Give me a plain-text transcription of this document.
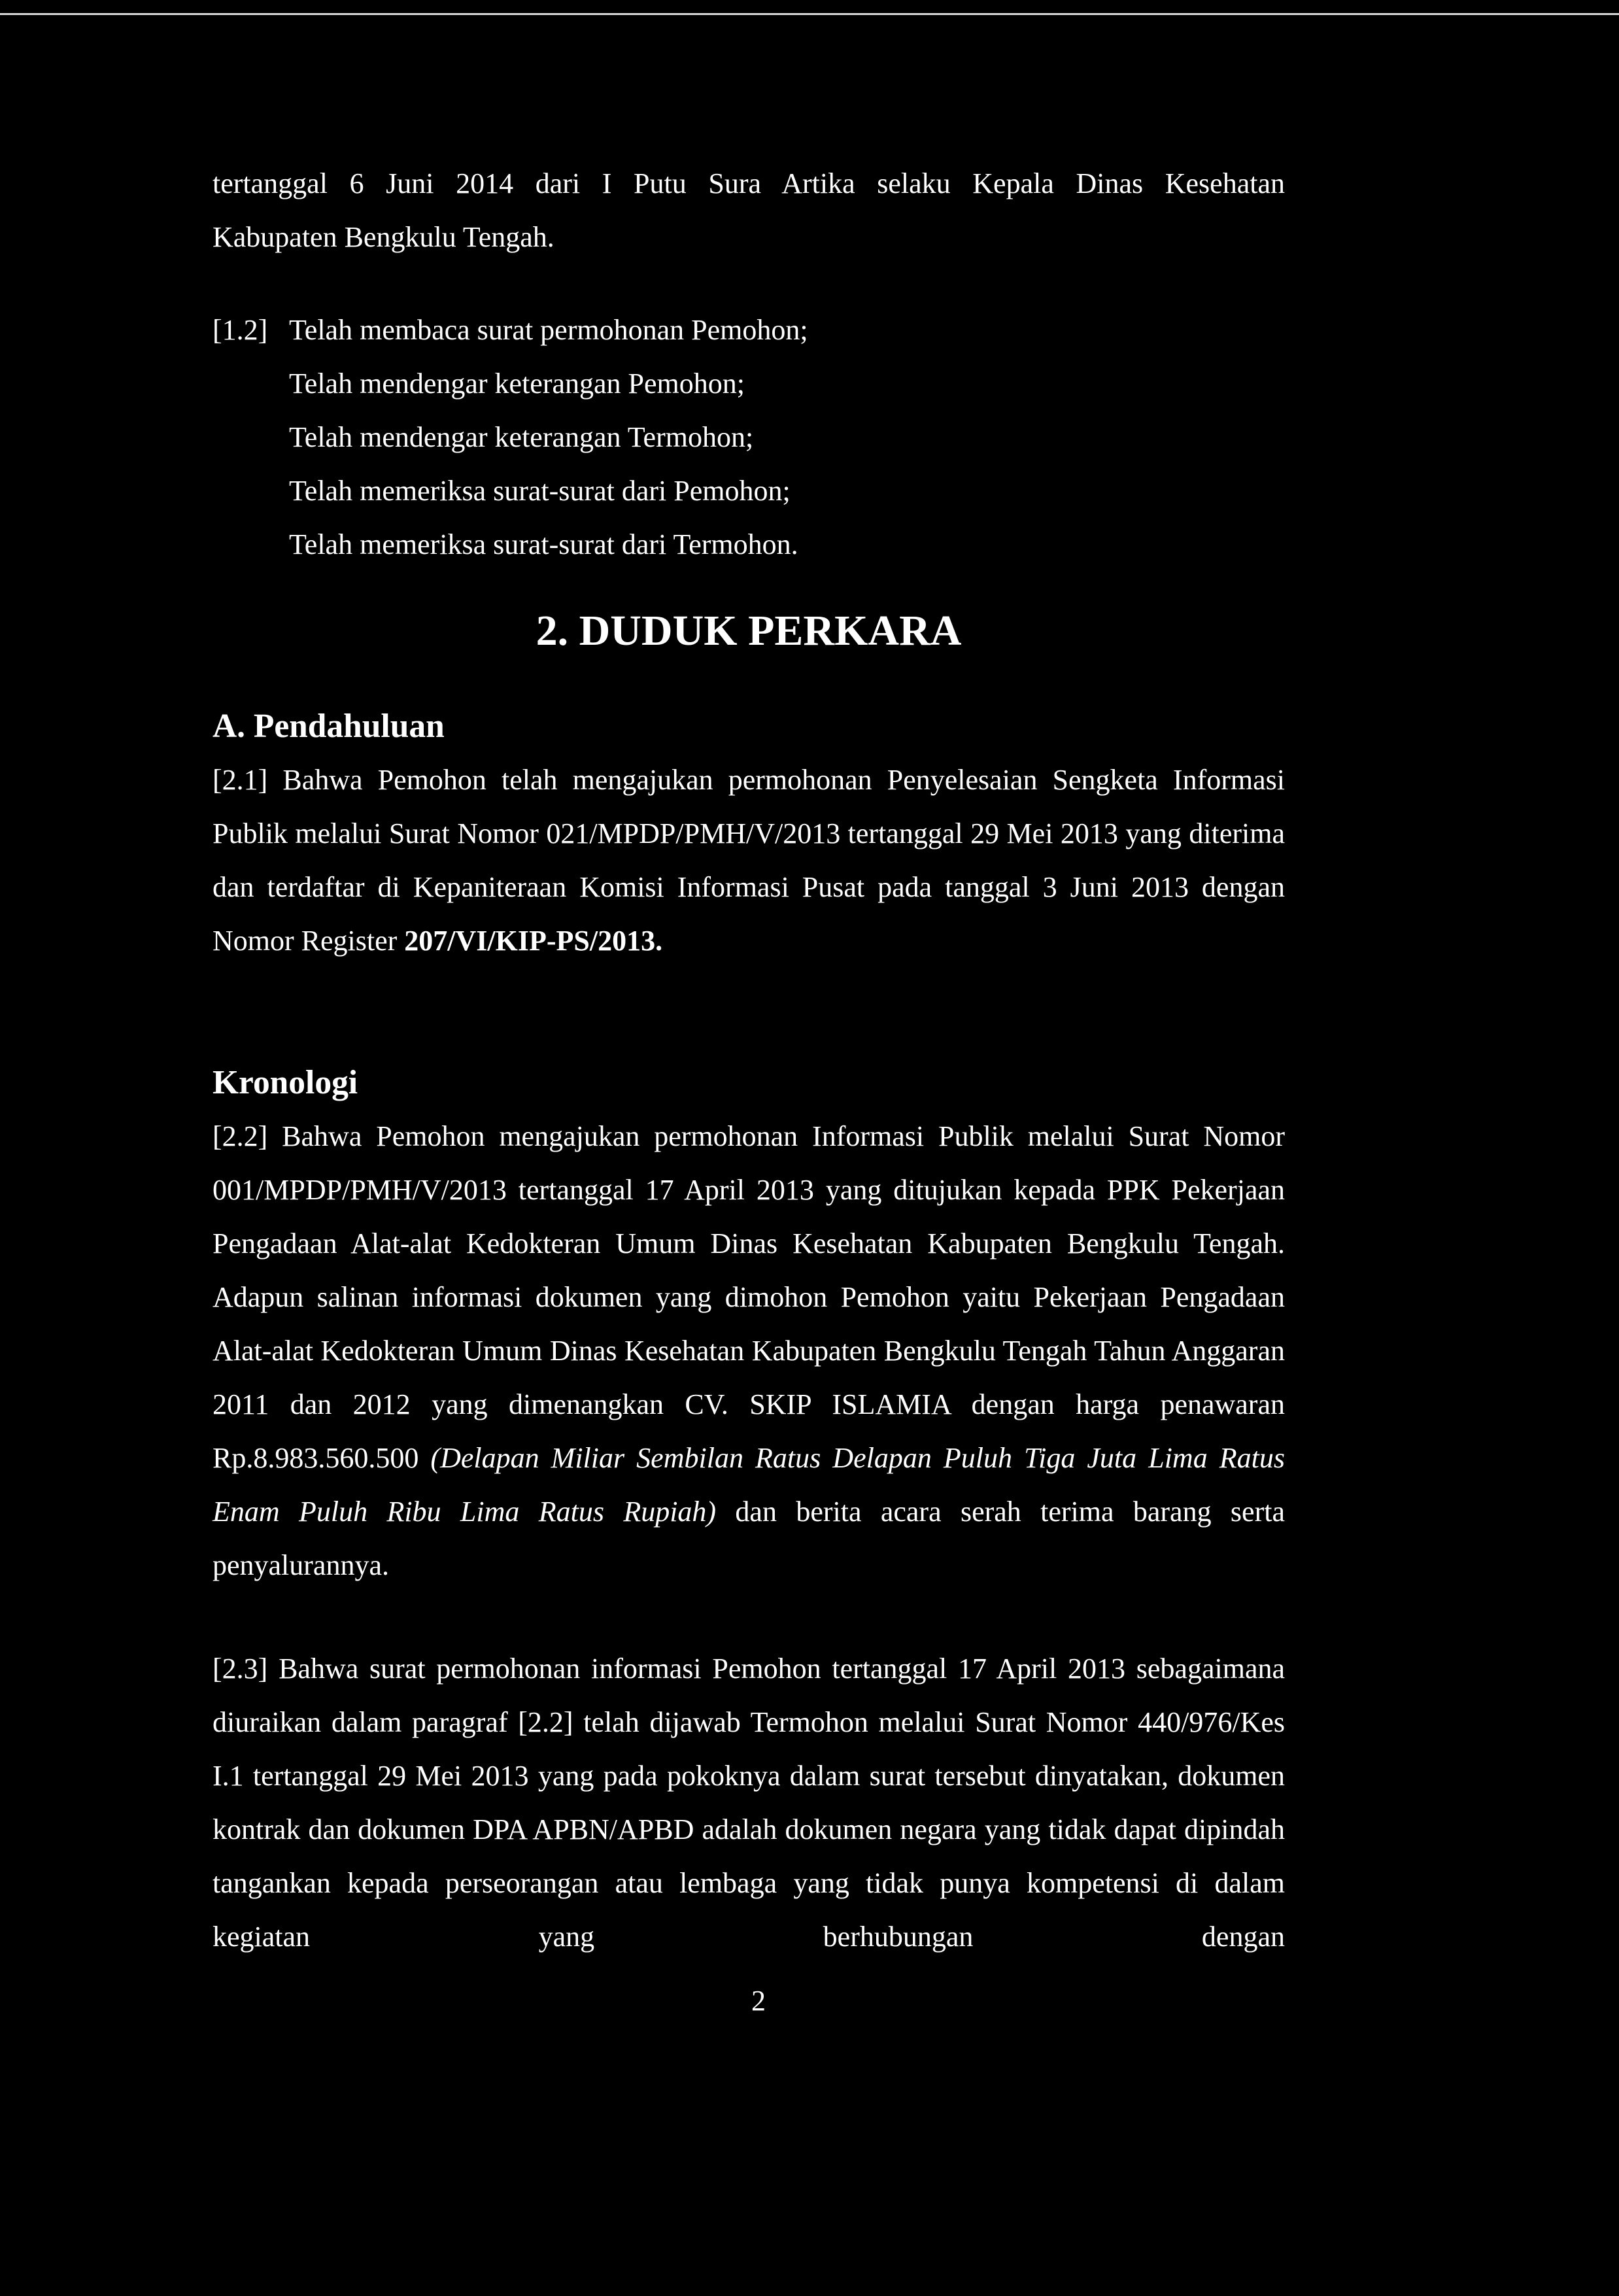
tertanggal 6 Juni 2014 dari I Putu Sura Artika selaku Kepala Dinas Kesehatan

Kabupaten Bengkulu Tengah.

[1.2] Telah membaca surat permohonan Pemohon;

Telah mendengar keterangan Pemohon;

Telah mendengar keterangan Termohon;

Telah memeriksa surat-surat dari Pemohon;

Telah memeriksa surat-surat dari Termohon.

2. DUDUK PERKARA
A. Pendahuluan

[2.1] Bahwa Pemohon telah mengajukan permohonan Penyelesaian Sengketa Informasi Publik melalui Surat Nomor 021/MPDP/PMH/V/2013 tertanggal 29 Mei 2013 yang diterima dan terdaftar di Kepaniteraan Komisi Informasi Pusat pada tanggal 3 Juni 2013 dengan Nomor Register 207/VI/KIP-PS/2013.

Kronologi

[2.2] Bahwa Pemohon mengajukan permohonan Informasi Publik melalui Surat Nomor 001/MPDP/PMH/V/2013 tertanggal 17 April 2013 yang ditujukan kepada PPK Pekerjaan Pengadaan Alat-alat Kedokteran Umum Dinas Kesehatan Kabupaten Bengkulu Tengah. Adapun salinan informasi dokumen yang dimohon Pemohon yaitu Pekerjaan Pengadaan Alat-alat Kedokteran Umum Dinas Kesehatan Kabupaten Bengkulu Tengah Tahun Anggaran 2011 dan 2012 yang dimenangkan CV. SKIP ISLAMIA dengan harga penawaran Rp.8.983.560.500 (Delapan Miliar Sembilan Ratus Delapan Puluh Tiga Juta Lima Ratus Enam Puluh Ribu Lima Ratus Rupiah) dan berita acara serah terima barang serta penyalurannya.

[2.3] Bahwa surat permohonan informasi Pemohon tertanggal 17 April 2013 sebagaimana diuraikan dalam paragraf [2.2] telah dijawab Termohon melalui Surat Nomor 440/976/Kes I.1 tertanggal 29 Mei 2013 yang pada pokoknya dalam surat tersebut dinyatakan, dokumen kontrak dan dokumen DPA APBN/APBD adalah dokumen negara yang tidak dapat dipindah tangankan kepada perseorangan atau lembaga yang tidak punya kompetensi di dalam kegiatan yang berhubungan dengan

2
